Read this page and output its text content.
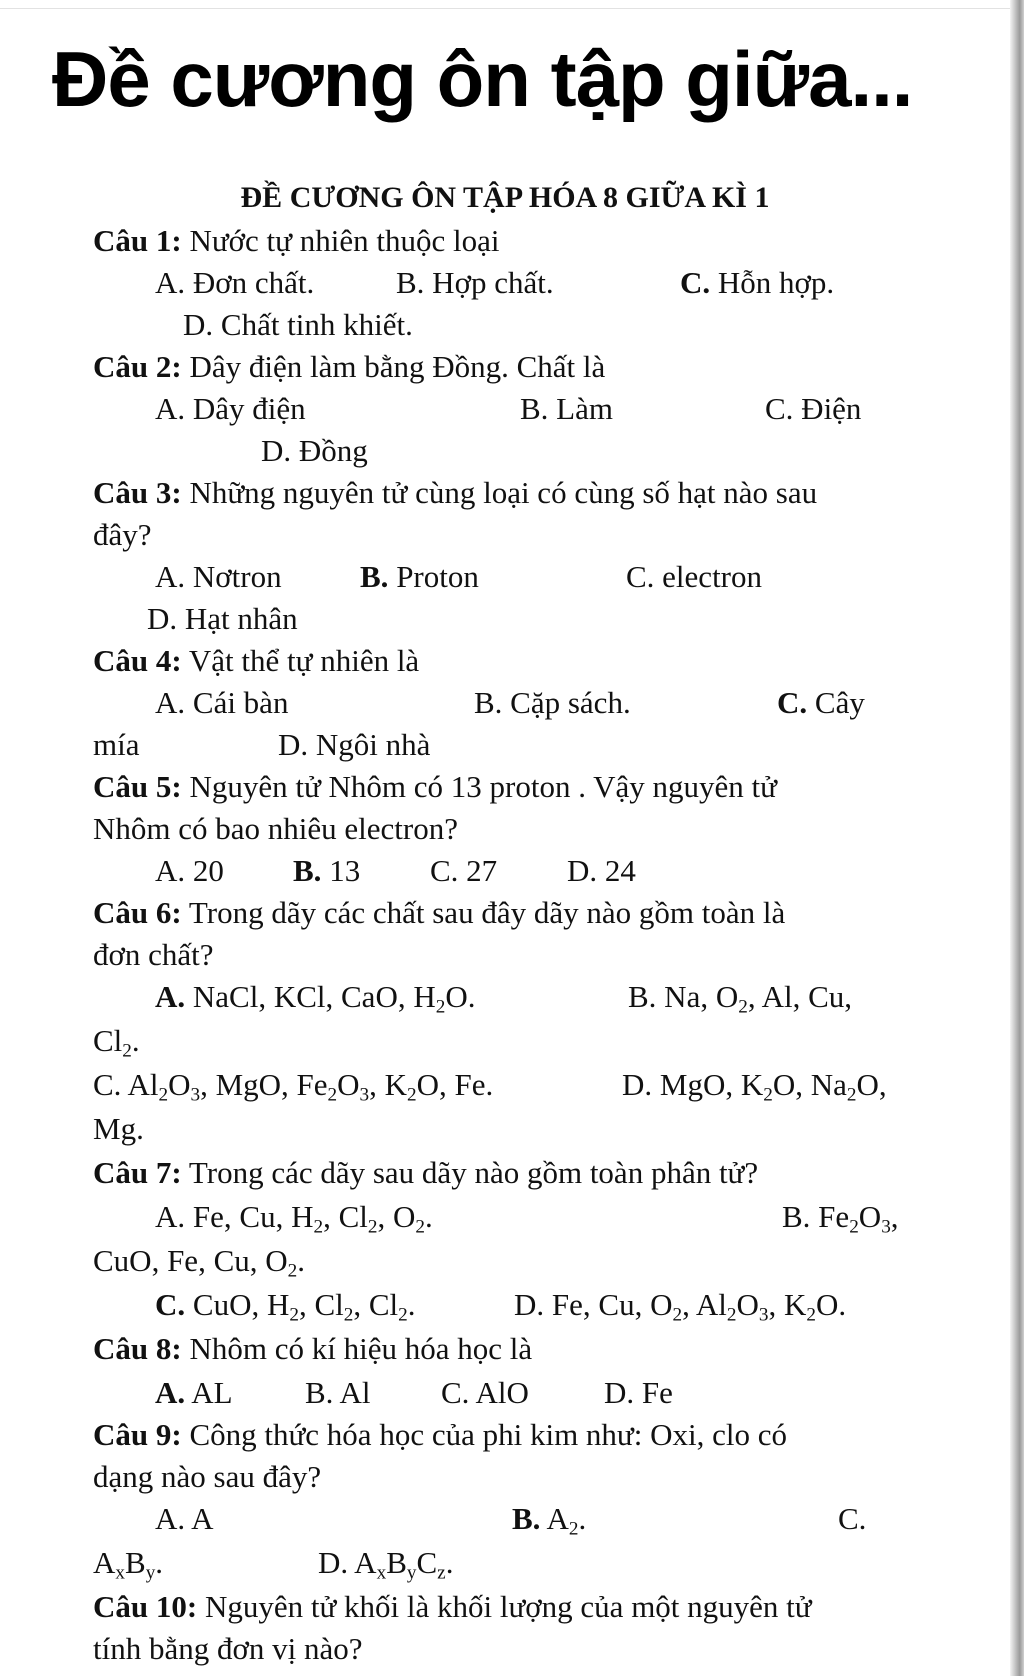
Đề cương ôn tập giữa...
ĐỀ CƯƠNG ÔN TẬP HÓA 8 GIỮA KÌ 1
Câu 1: Nước tự nhiên thuộc loại
A. Đơn chất.	B. Hợp chất.	C. Hỗn hợp.
D. Chất tinh khiết.
Câu 2: Dây điện làm bằng Đồng. Chất là
A. Dây điện	B. Làm	C. Điện
D. Đồng
Câu 3: Những nguyên tử cùng loại có cùng số hạt nào sau
đây?
A. Nơtron	B. Proton	C. electron
D. Hạt nhân
Câu 4: Vật thể tự nhiên là
A. Cái bàn	B. Cặp sách.	C. Cây
mía	D. Ngôi nhà
Câu 5: Nguyên tử Nhôm có 13 proton . Vậy nguyên tử
Nhôm có bao nhiêu electron?
A. 20 B. 13 C. 27 D. 24
Câu 6: Trong dãy các chất sau đây dãy nào gồm toàn là
đơn chất?
A. NaCl, KCl, CaO, $H_2O$.	B. Na, $O_2$, Al, Cu,
$Cl_2$.
C. $Al_2O_3$, MgO, $Fe_2O_3$, $K_2O$, Fe.	D. MgO, $K_2O$, $Na_2O$,
Mg.
Câu 7: Trong các dãy sau dãy nào gồm toàn phân tử?
A. Fe, Cu, $H_2$, $Cl_2$, $O_2$.	B. $Fe_2O_3$,
CuO, Fe, Cu, $O_2$.
C. CuO, $H_2$, $Cl_2$, $Cl_2$.	D. Fe, Cu, $O_2$, $Al_2O_3$, $K_2O$.
Câu 8: Nhôm có kí hiệu hóa học là
A. AL B. Al C. AlO D. Fe
Câu 9: Công thức hóa học của phi kim như: Oxi, clo có
dạng nào sau đây?
A. A	B. $A_2$.	C.
$A_xB_y$.	D. $A_xB_yC_z$.
Câu 10: Nguyên tử khối là khối lượng của một nguyên tử
tính bằng đơn vị nào?
